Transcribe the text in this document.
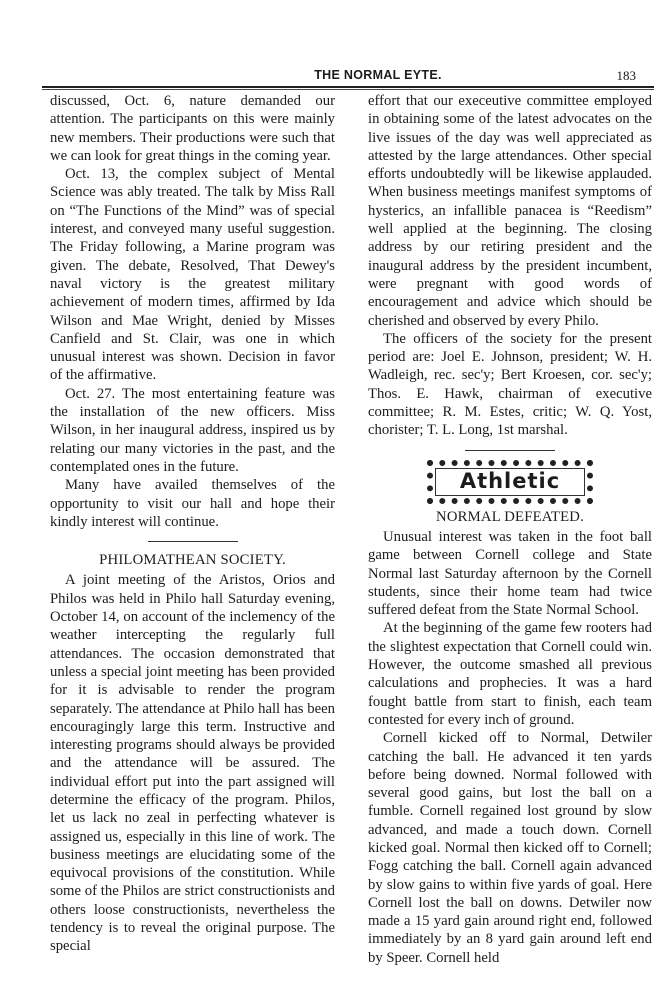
THE NORMAL EYTE.	183

discussed, Oct. 6, nature demanded our attention. The participants on this were mainly new members. Their productions were such that we can look for great things in the coming year.

Oct. 13, the complex subject of Mental Science was ably treated. The talk by Miss Rall on “The Functions of the Mind” was of special interest, and conveyed many useful suggestion. The Friday following, a Marine program was given. The debate, Resolved, That Dewey's naval victory is the greatest military achievement of modern times, affirmed by Ida Wilson and Mae Wright, denied by Misses Canfield and St. Clair, was one in which unusual interest was shown. Decision in favor of the affirmative.

Oct. 27. The most entertaining feature was the installation of the new officers. Miss Wilson, in her inaugural address, inspired us by relating our many victories in the past, and the contemplated ones in the future.

Many have availed themselves of the opportunity to visit our hall and hope their kindly interest will continue.

PHILOMATHEAN SOCIETY.

A joint meeting of the Aristos, Orios and Philos was held in Philo hall Saturday evening, October 14, on account of the inclemency of the weather intercepting the regularly full attendances. The occasion demonstrated that unless a special joint meeting has been provided for it is advisable to render the program separately. The attendance at Philo hall has been encouragingly large this term. Instructive and interesting programs should always be provided and the attendance will be assured. The individual effort put into the part assigned will determine the efficacy of the program. Philos, let us lack no zeal in perfecting whatever is assigned us, especially in this line of work. The business meetings are elucidating some of the equivocal provisions of the constitution. While some of the Philos are strict constructionists and others loose constructionists, nevertheless the tendency is to reveal the original purpose. The special

effort that our execeutive committee employed in obtaining some of the latest advocates on the live issues of the day was well appreciated as attested by the large attendances. Other special efforts undoubtedly will be likewise applauded. When business meetings manifest symptoms of hysterics, an infallible panacea is “Reedism” well applied at the beginning. The closing address by our retiring president and the inaugural address by the president incumbent, were pregnant with good words of encouragement and advice which should be cherished and observed by every Philo.

The officers of the society for the present period are: Joel E. Johnson, president; W. H. Wadleigh, rec. sec'y; Bert Kroesen, cor. sec'y; Thos. E. Hawk, chairman of executive committee; R. M. Estes, critic; W. Q. Yost, chorister; T. L. Long, 1st marshal.

Athletic
NORMAL DEFEATED.

Unusual interest was taken in the foot ball game between Cornell college and State Normal last Saturday afternoon by the Cornell students, since their home team had twice suffered defeat from the State Normal School.

At the beginning of the game few rooters had the slightest expectation that Cornell could win. However, the outcome smashed all previous calculations and prophecies. It was a hard fought battle from start to finish, each team contested for every inch of ground.

Cornell kicked off to Normal, Detwiler catching the ball. He advanced it ten yards before being downed. Normal followed with several good gains, but lost the ball on a fumble. Cornell regained lost ground by slow advanced, and made a touch down. Cornell kicked goal. Normal then kicked off to Cornell; Fogg catching the ball. Cornell again advanced by slow gains to within five yards of goal. Here Cornell lost the ball on downs. Detwiler now made a 15 yard gain around right end, followed immediately by an 8 yard gain around left end by Speer. Cornell held
